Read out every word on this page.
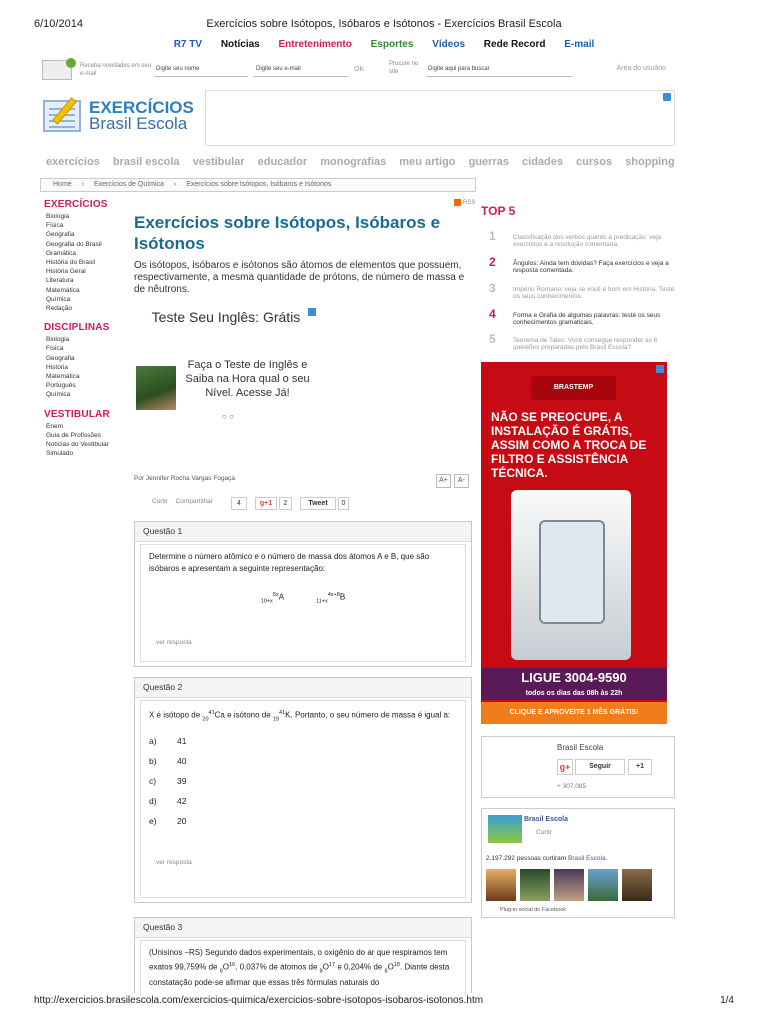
6/10/2014	Exercícios sobre Isótopos, Isóbaros e Isótonos - Exercícios Brasil Escola
http://exercicios.brasilescola.com/exercicios-quimica/exercicios-sobre-isotopos-isobaros-isotonos.htm	1/4
R7 TV Notícias Entretenimento Esportes Vídeos Rede Record E-mail
Receba novidades em seu e-mail
Digite seu nome	Digite seu e-mail	OK
Procure no site	Digite aqui para buscar	Área do usuário
EXERCÍCIOS
Brasil Escola
exercícios brasil escola vestibular educador monografias meu artigo guerras cidades cursos shopping
Home › Exercícios de Química › Exercícios sobre Isótopos, Isóbaros e Isótonos
EXERCÍCIOS
Biologia
Física
Geografia
Geografia do Brasil
Gramática
História do Brasil
História Geral
Literatura
Matemática
Química
Redação
DISCIPLINAS
Biologia
Física
Geografia
História
Matemática
Português
Química
VESTIBULAR
Enem
Guia de Profissões
Notícias do Vestibular
Simulado
RSS
Exercícios sobre Isótopos, Isóbaros e Isótonos

Os isótopos, isóbaros e isótonos são átomos de elementos que possuem, respectivamente, a mesma quantidade de prótons, de número de massa e de nêutrons.

Teste Seu Inglês: Grátis
Faça o Teste de Inglês e Saiba na Hora qual o seu Nível. Acesse Já!
○ ○
Por Jennifer Rocha Vargas Fogaça	A+	A-
Curtir Compartilhar	4	g+1	2	Tweet	0
Questão 1
Determine o número atômico e o número de massa dos átomos A e B, que são isóbaros e apresentam a seguinte representação:
$_{10+x}^{5x}$A	$_{11+x}^{4x+8}$B
ver resposta
Questão 2
X é isótopo de $_{20}^{41}$Ca e isótono de $_{19}^{41}$K. Portanto, o seu número de massa é igual a:
a)	41
b)	40
c)	39
d)	42
e)	20
ver resposta
Questão 3
(Unisinos –RS) Segundo dados experimentais, o oxigênio do ar que respiramos tem exatos 99,759% de $_8O^{16}$, 0,037% de átomos de $_8O^{17}$ e 0,204% de $_8O^{18}$. Diante desta constatação pode-se afirmar que essas três fórmulas naturais do
TOP 5
1	Classificação dos verbos quanto à predicação: veja exercícios e a resolução comentada.
2	Ângulos: Ainda tem dúvidas? Faça exercícios e veja a resposta comentada.
3	Império Romano: veja se você é bom em História. Teste os seus conhecimentos.
4	Forma e Grafia de algumas palavras: teste os seus conhecimentos gramaticais.
5	Teorema de Tales: Você consegue responder as 6 questões preparadas pelo Brasil Escola?
BRASTEMP
NÃO SE PREOCUPE, A INSTALAÇÃO É GRÁTIS, ASSIM COMO A TROCA DE FILTRO E ASSISTÊNCIA TÉCNICA.
LIGUE 3004-9590
todos os dias das 08h às 22h
CLIQUE E APROVEITE 1 MÊS GRÁTIS!
Brasil Escola
g+	Seguir	+1
+ 307.085
Brasil Escola
Curtir
2.197.292 pessoas curtiram Brasil Escola.
Plug-in social do Facebook
